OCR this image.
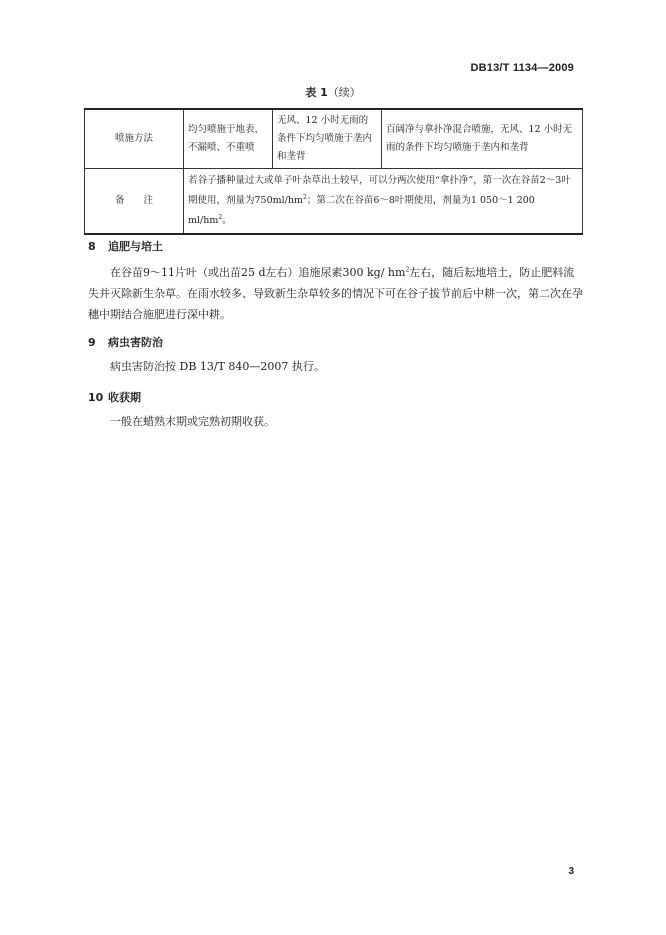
DB13/T 1134—2009
表 1（续）
喷施方法	均匀喷施于地表，不漏喷、不重喷	无风、12 小时无雨的条件下均匀喷施于垄内和垄背	百阔净与拿扑净混合喷施，无风、12 小时无雨的条件下均匀喷施于垄内和垄背
备　　注	若谷子播种量过大或单子叶杂草出土较早，可以分两次使用“拿扑净”，第一次在谷苗2～3叶期使用，剂量为$750ml/hm^2$；第二次在谷苗6～8叶期使用，剂量为1 050～1 200 $ml/hm^2$。		
8 追肥与培土
在谷苗9～11片叶（或出苗25 d左右）追施尿素300 kg/ $hm^2$左右，随后耘地培土，防止肥料流失并灭除新生杂草。在雨水较多、导致新生杂草较多的情况下可在谷子拔节前后中耕一次，第二次在孕穗中期结合施肥进行深中耕。
9 病虫害防治
病虫害防治按 DB 13/T 840—2007 执行。
10 收获期
一般在蜡熟末期或完熟初期收获。
3
